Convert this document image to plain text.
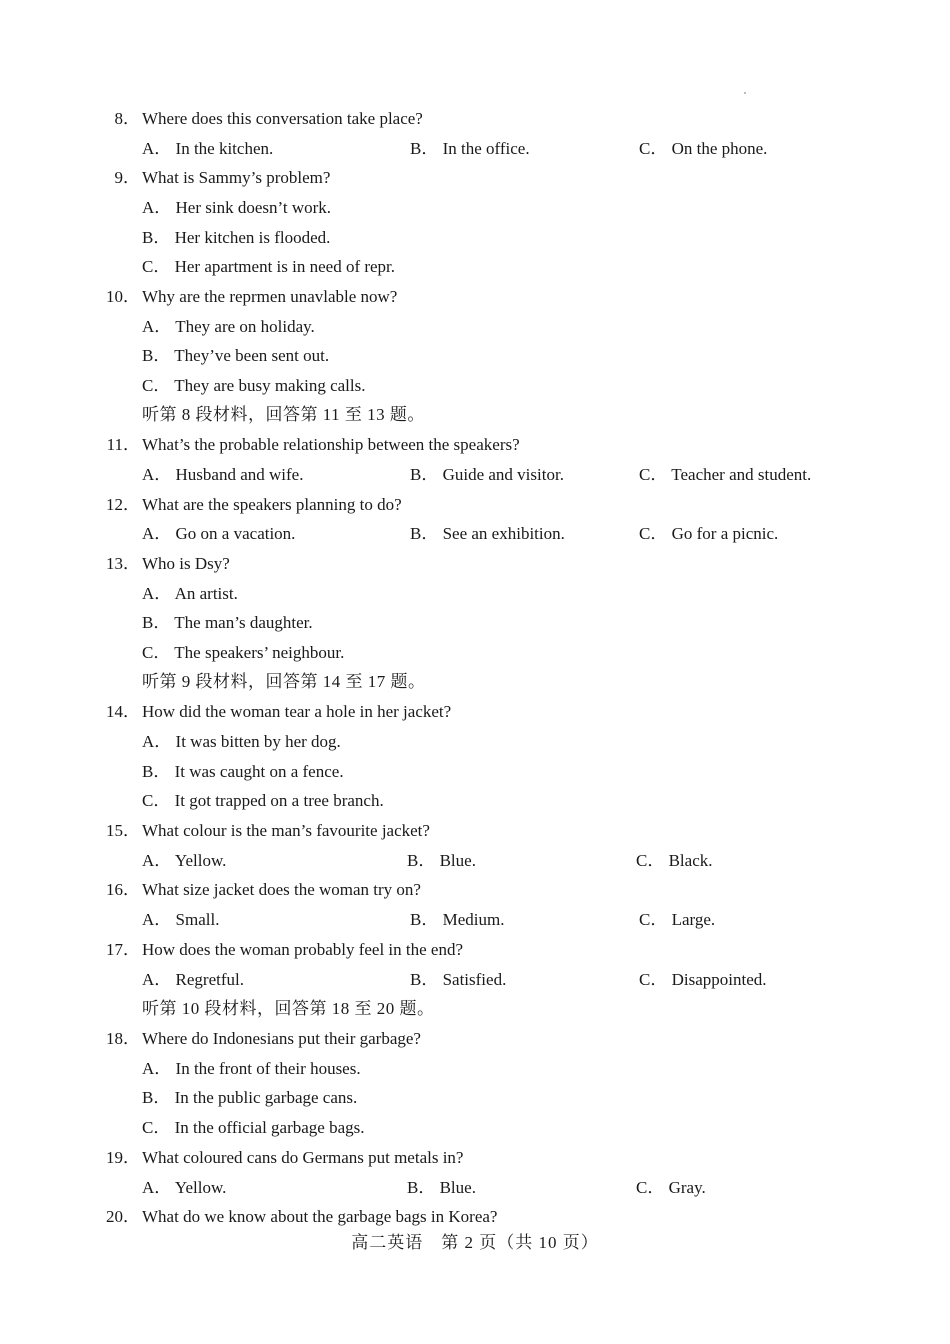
8． Where does this conversation take place?
A． In the kitchen.	B． In the office.	C． On the phone.
9． What is Sammy’s problem?
A． Her sink doesn’t work.
B． Her kitchen is flooded.
C． Her apartment is in need of repr.
10． Why are the reprmen unavlable now?
A． They are on holiday.
B． They’ve been sent out.
C． They are busy making calls.
听第 8 段材料，回答第 11 至 13 题。
11． What’s the probable relationship between the speakers?
A． Husband and wife.	B． Guide and visitor.	C． Teacher and student.
12． What are the speakers planning to do?
A． Go on a vacation.	B． See an exhibition.	C． Go for a picnic.
13． Who is Dsy?
A． An artist.
B． The man’s daughter.
C． The speakers’ neighbour.
听第 9 段材料，回答第 14 至 17 题。
14． How did the woman tear a hole in her jacket?
A． It was bitten by her dog.
B． It was caught on a fence.
C． It got trapped on a tree branch.
15． What colour is the man’s favourite jacket?
A． Yellow.	B． Blue.	C． Black.
16． What size jacket does the woman try on?
A． Small.	B． Medium.	C． Large.
17． How does the woman probably feel in the end?
A． Regretful.	B． Satisfied.	C． Disappointed.
听第 10 段材料，回答第 18 至 20 题。
18． Where do Indonesians put their garbage?
A． In the front of their houses.
B． In the public garbage cans.
C． In the official garbage bags.
19． What coloured cans do Germans put metals in?
A． Yellow.	B． Blue.	C． Gray.
20． What do we know about the garbage bags in Korea?
高二英语　第 2 页（共 10 页）
